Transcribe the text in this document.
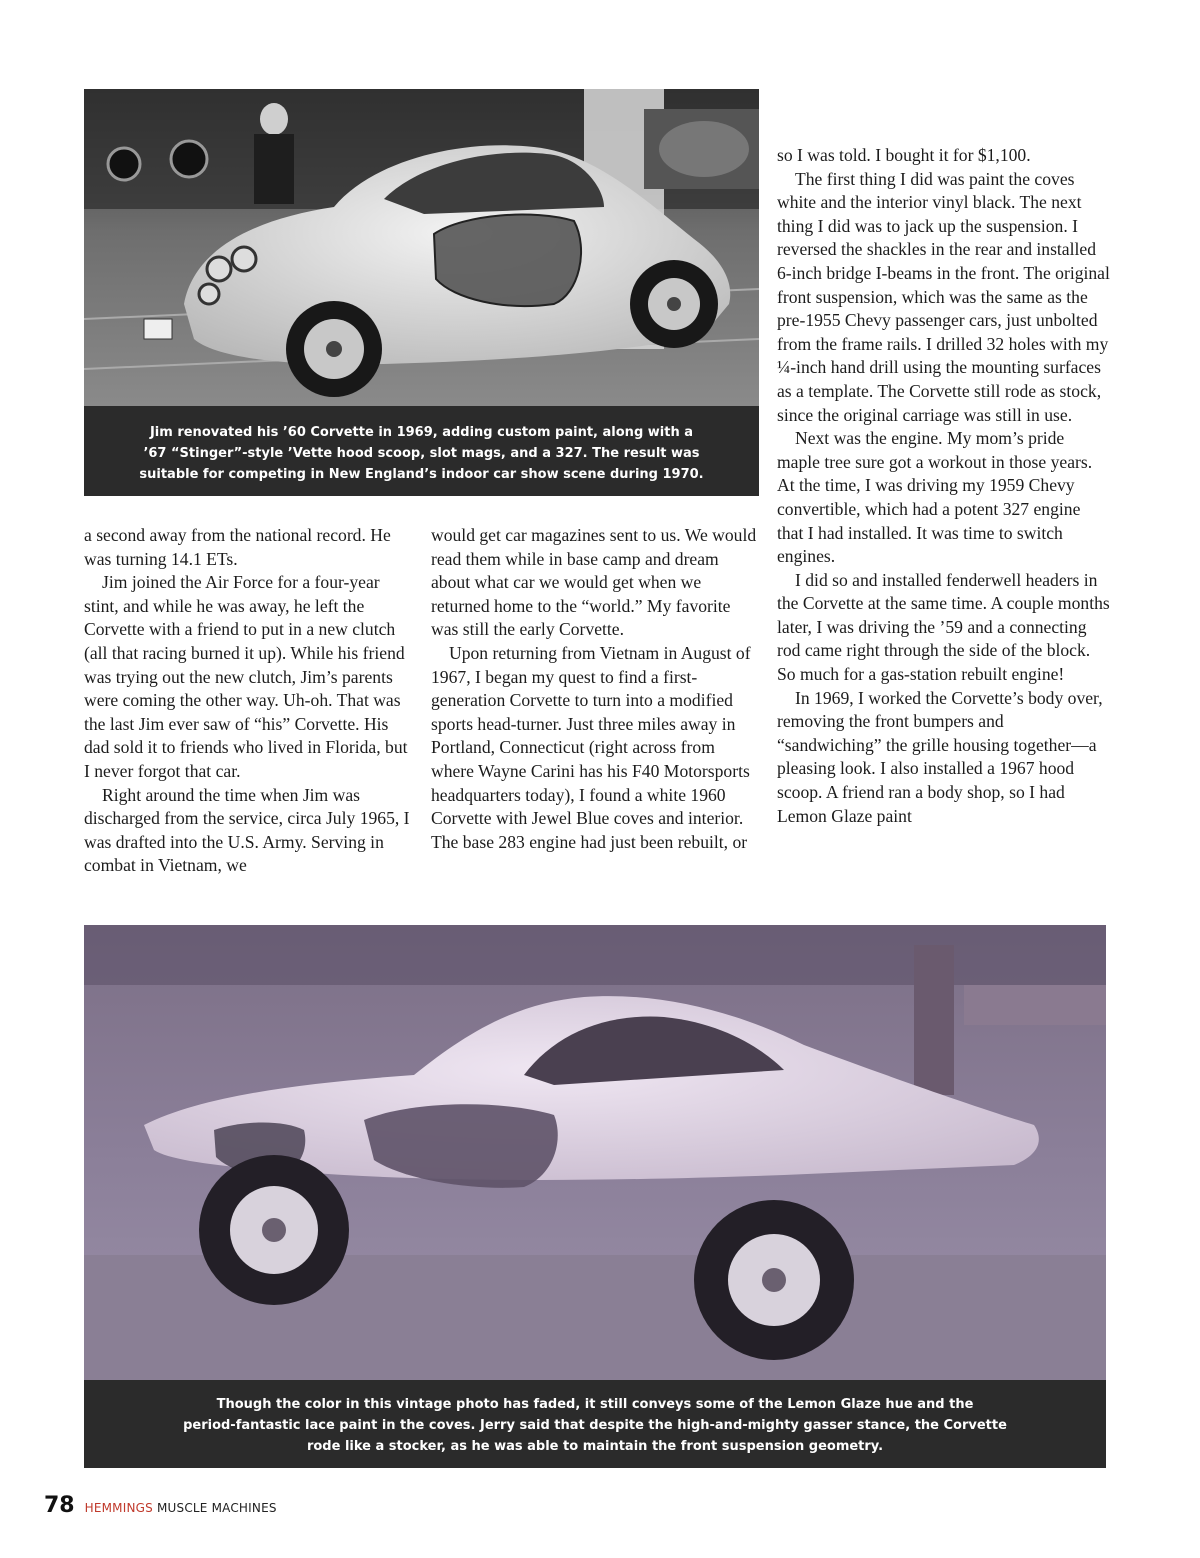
Jim renovated his ’60 Corvette in 1969, adding custom paint, along with a

’67 “Stinger”-style ’Vette hood scoop, slot mags, and a 327. The result was

suitable for competing in New England’s indoor car show scene during 1970.

a second away from the national record. He was turning 14.1 ETs.

Jim joined the Air Force for a four-year stint, and while he was away, he left the Corvette with a friend to put in a new clutch (all that racing burned it up). While his friend was trying out the new clutch, Jim’s parents were coming the other way. Uh-oh. That was the last Jim ever saw of “his” Corvette. His dad sold it to friends who lived in Florida, but I never forgot that car.

Right around the time when Jim was discharged from the service, circa July 1965, I was drafted into the U.S. Army. Serving in combat in Vietnam, we

would get car magazines sent to us. We would read them while in base camp and dream about what car we would get when we returned home to the “world.” My favorite was still the early Corvette.

Upon returning from Vietnam in August of 1967, I began my quest to find a first-generation Corvette to turn into a modified sports head-turner. Just three miles away in Portland, Connecticut (right across from where Wayne Carini has his F40 Motorsports headquarters today), I found a white 1960 Corvette with Jewel Blue coves and interior. The base 283 engine had just been rebuilt, or

so I was told. I bought it for $1,100.

The first thing I did was paint the coves white and the interior vinyl black. The next thing I did was to jack up the suspension. I reversed the shackles in the rear and installed 6-inch bridge I-beams in the front. The original front suspension, which was the same as the pre-1955 Chevy passenger cars, just unbolted from the frame rails. I drilled 32 holes with my ¼-inch hand drill using the mounting surfaces as a template. The Corvette still rode as stock, since the original carriage was still in use.

Next was the engine. My mom’s pride maple tree sure got a workout in those years. At the time, I was driving my 1959 Chevy convertible, which had a potent 327 engine that I had installed. It was time to switch engines.

I did so and installed fenderwell headers in the Corvette at the same time. A couple months later, I was driving the ’59 and a connecting rod came right through the side of the block. So much for a gas-station rebuilt engine!

In 1969, I worked the Corvette’s body over, removing the front bumpers and “sandwiching” the grille housing together—a pleasing look. I also installed a 1967 hood scoop. A friend ran a body shop, so I had Lemon Glaze paint

Though the color in this vintage photo has faded, it still conveys some of the Lemon Glaze hue and the

period-fantastic lace paint in the coves. Jerry said that despite the high-and-mighty gasser stance, the Corvette

rode like a stocker, as he was able to maintain the front suspension geometry.

78 HEMMINGS MUSCLE MACHINES
